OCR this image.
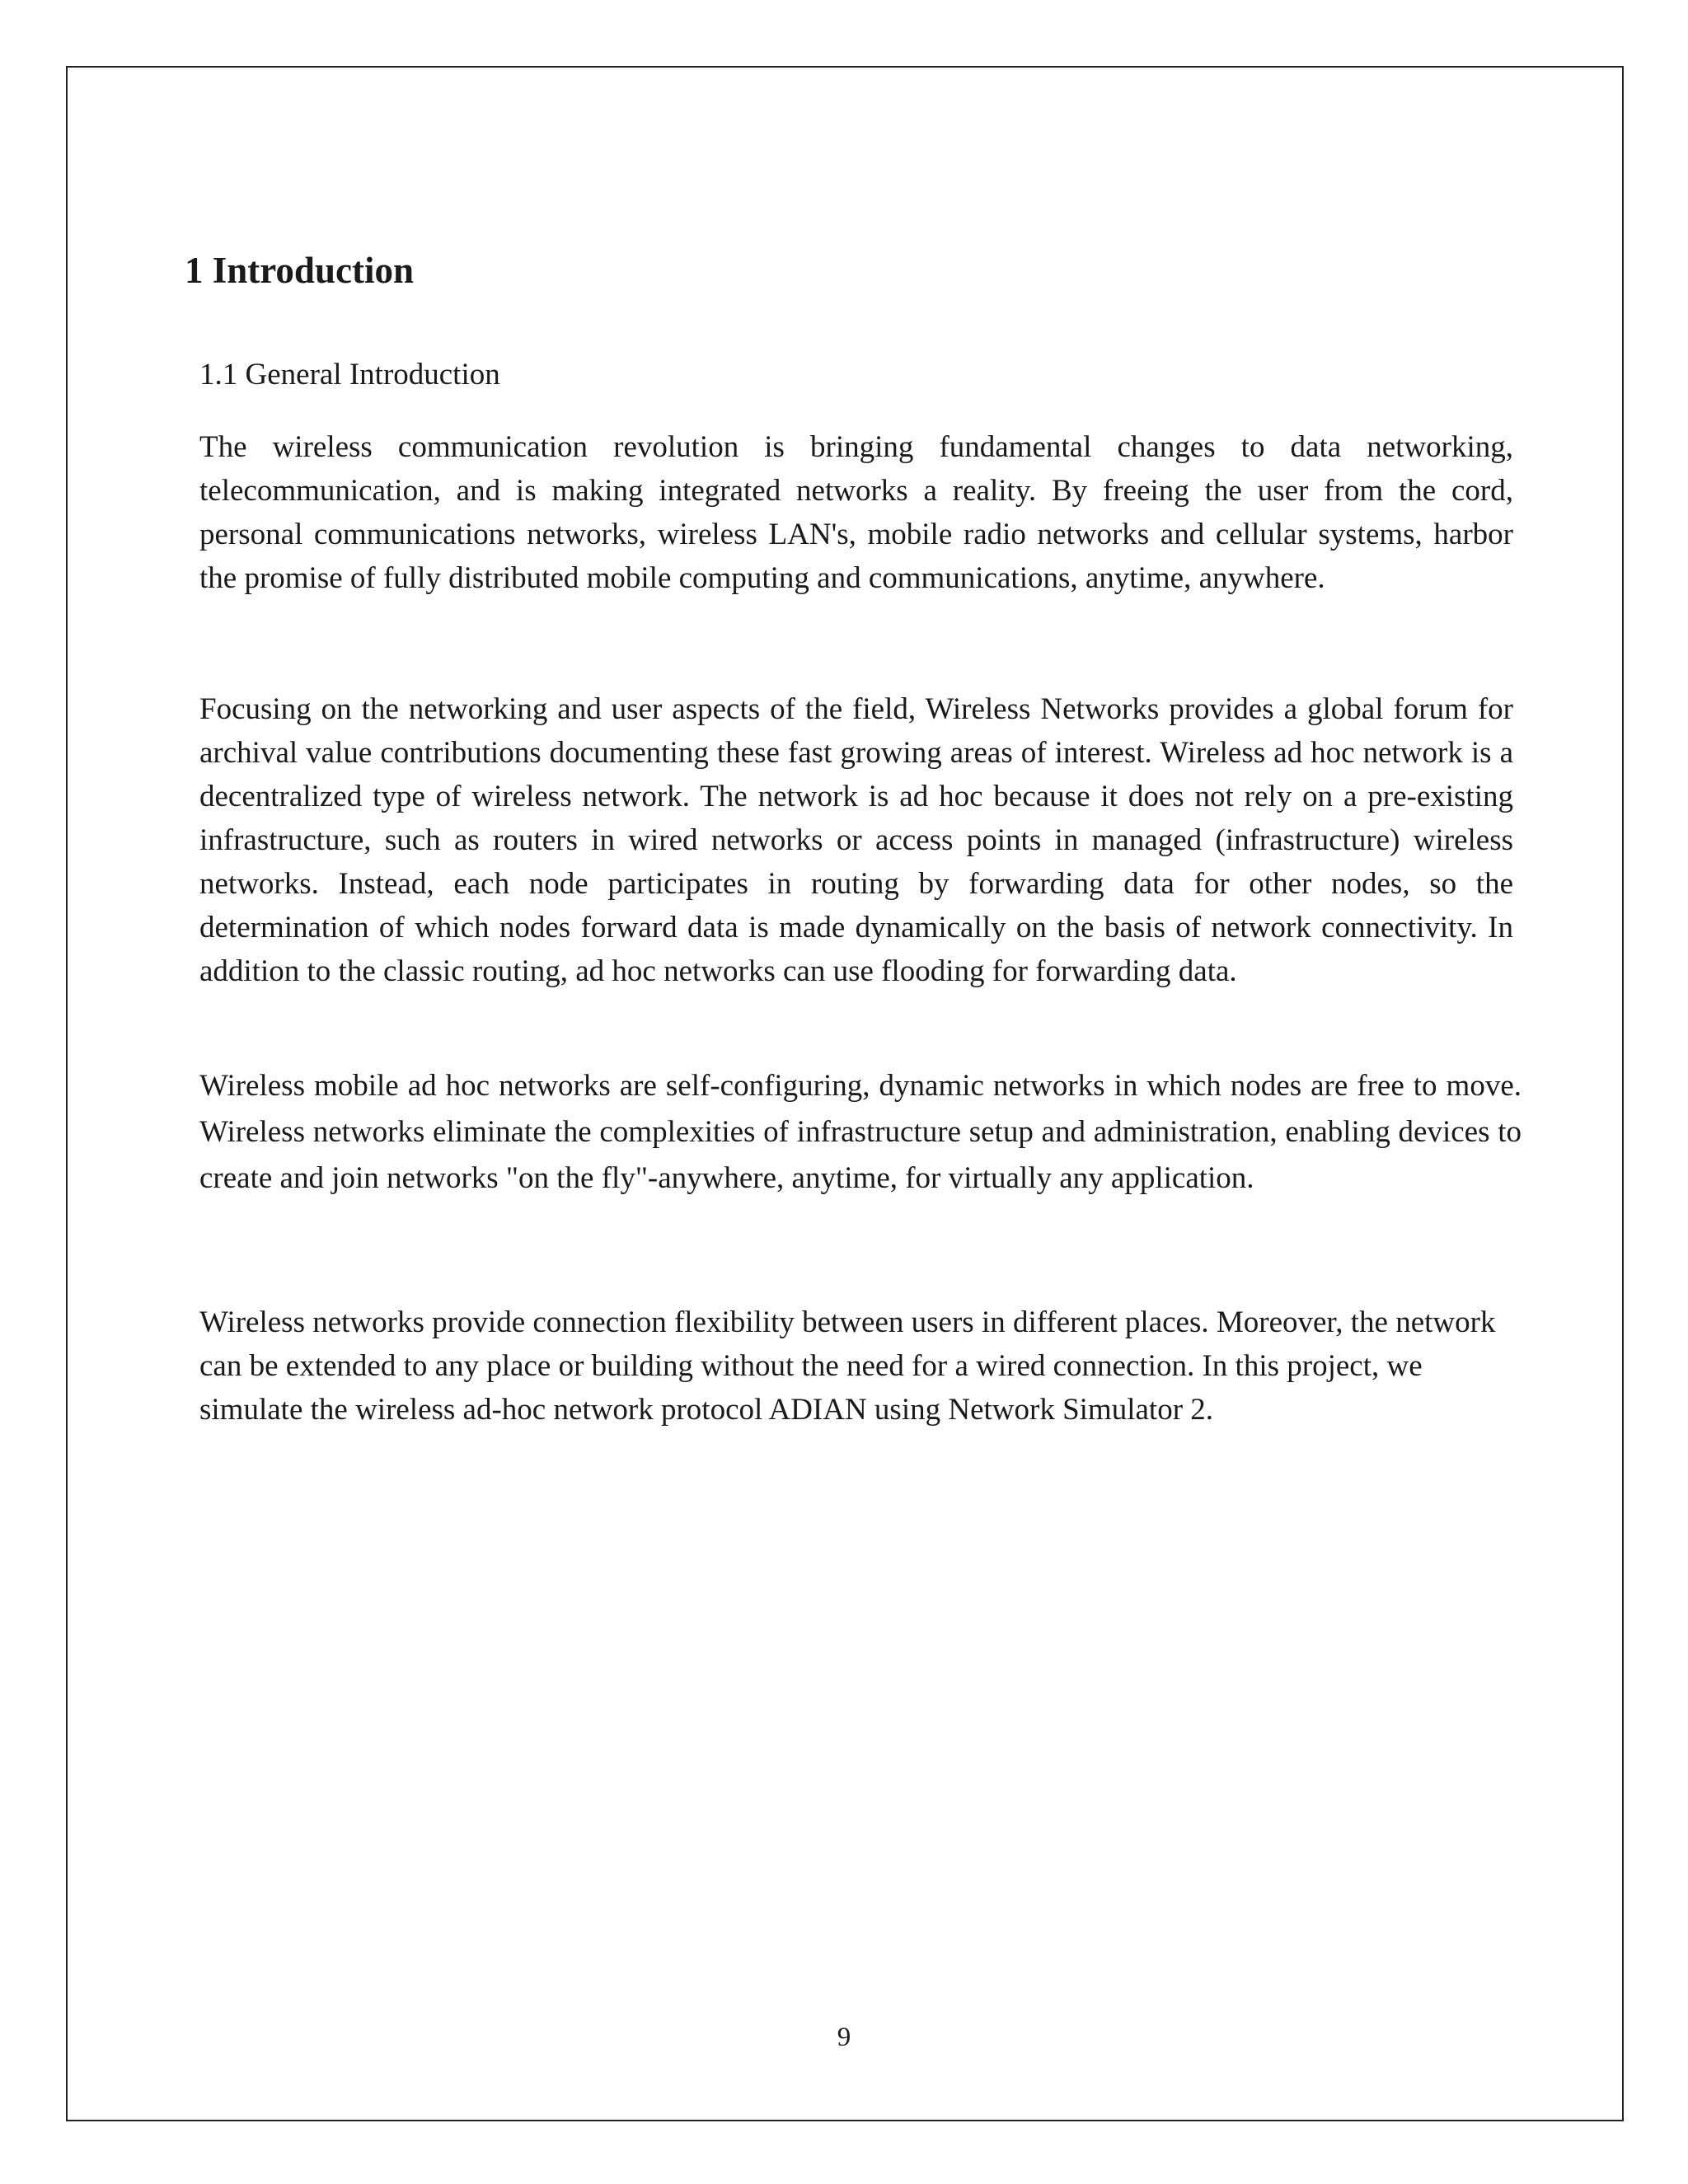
1 Introduction
1.1 General Introduction

The wireless communication revolution is bringing fundamental changes to data networking, telecommunication, and is making integrated networks a reality. By freeing the user from the cord, personal communications networks, wireless LAN's, mobile radio networks and cellular systems, harbor the promise of fully distributed mobile computing and communications, anytime, anywhere.

Focusing on the networking and user aspects of the field, Wireless Networks provides a global forum for archival value contributions documenting these fast growing areas of interest. Wireless ad hoc network is a decentralized type of wireless network. The network is ad hoc because it does not rely on a pre-existing infrastructure, such as routers in wired networks or access points in managed (infrastructure) wireless networks. Instead, each node participates in routing by forwarding data for other nodes, so the determination of which nodes forward data is made dynamically on the basis of network connectivity. In addition to the classic routing, ad hoc networks can use flooding for forwarding data.

Wireless mobile ad hoc networks are self-configuring, dynamic networks in which nodes are free to move. Wireless networks eliminate the complexities of infrastructure setup and administration, enabling devices to create and join networks "on the fly"-anywhere, anytime, for virtually any application.

Wireless networks provide connection flexibility between users in different places. Moreover, the network can be extended to any place or building without the need for a wired connection. In this project, we simulate the wireless ad-hoc network protocol ADIAN using Network Simulator 2.

9
